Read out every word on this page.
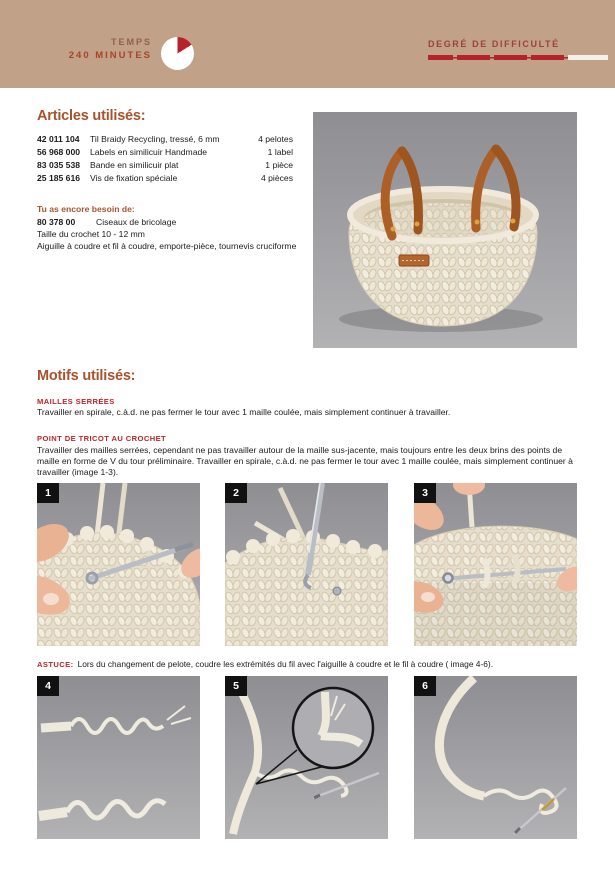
TEMPS
240 MINUTES
DEGRÉ DE DIFFICULTÉ
Articles utilisés:
42 011 104	Til Braidy Recycling, tressé, 6 mm	4 pelotes
56 968 000	Labels en similicuir Handmade	1 label
83 035 538	Bande en similicuir plat	1 pièce
25 185 616	Vis de fixation spéciale	4 pièces
Tu as encore besoin de:
80 378 00	Ciseaux de bricolage
Taille du crochet 10 - 12 mm
Aiguille à coudre et fil à coudre, emporte-pièce, tournevis cruciforme
Motifs utilisés:
MAILLES SERRÉES
Travailler en spirale, c.à.d. ne pas fermer le tour avec 1 maille coulée, mais simplement continuer à travailler.
POINT DE TRICOT AU CROCHET
Travailler des mailles serrées, cependant ne pas travailler autour de la maille sus-jacente, mais toujours entre les deux brins des points de maille en forme de V du tour préliminaire. Travailler en spirale, c.à.d. ne pas fermer le tour avec 1 maille coulée, mais simplement continuer à travailler (image 1-3).
1	2	3
ASTUCE: Lors du changement de pelote, coudre les extrémités du fil avec l'aiguille à coudre et le fil à coudre ( image 4-6).
4	5	6
